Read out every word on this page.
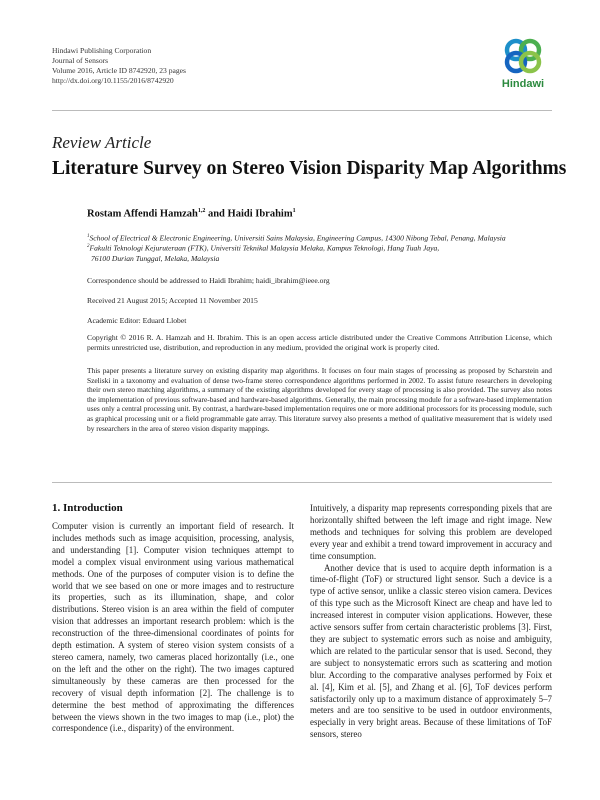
Hindawi Publishing Corporation
Journal of Sensors
Volume 2016, Article ID 8742920, 23 pages
http://dx.doi.org/10.1155/2016/8742920	Hindawi
Review Article
Literature Survey on Stereo Vision Disparity Map Algorithms
Rostam Affendi Hamzah$^{1,2}$ and Haidi Ibrahim$^1$
$^1$School of Electrical & Electronic Engineering, Universiti Sains Malaysia, Engineering Campus, 14300 Nibong Tebal, Penang, Malaysia
$^2$Fakulti Teknologi Kejuruteraan (FTK), Universiti Teknikal Malaysia Melaka, Kampus Teknologi, Hang Tuah Jaya,
76100 Durian Tunggal, Melaka, Malaysia
Correspondence should be addressed to Haidi Ibrahim; haidi_ibrahim@ieee.org
Received 21 August 2015; Accepted 11 November 2015
Academic Editor: Eduard Llobet
Copyright © 2016 R. A. Hamzah and H. Ibrahim. This is an open access article distributed under the Creative Commons Attribution License, which permits unrestricted use, distribution, and reproduction in any medium, provided the original work is properly cited.
This paper presents a literature survey on existing disparity map algorithms. It focuses on four main stages of processing as proposed by Scharstein and Szeliski in a taxonomy and evaluation of dense two-frame stereo correspondence algorithms performed in 2002. To assist future researchers in developing their own stereo matching algorithms, a summary of the existing algorithms developed for every stage of processing is also provided. The survey also notes the implementation of previous software-based and hardware-based algorithms. Generally, the main processing module for a software-based implementation uses only a central processing unit. By contrast, a hardware-based implementation requires one or more additional processors for its processing module, such as graphical processing unit or a field programmable gate array. This literature survey also presents a method of qualitative measurement that is widely used by researchers in the area of stereo vision disparity mappings.
1. Introduction

Computer vision is currently an important field of research. It includes methods such as image acquisition, processing, analysis, and understanding [1]. Computer vision techniques attempt to model a complex visual environment using various mathematical methods. One of the purposes of computer vision is to define the world that we see based on one or more images and to restructure its properties, such as its illumination, shape, and color distributions. Stereo vision is an area within the field of computer vision that addresses an important research problem: which is the reconstruction of the three-dimensional coordinates of points for depth estimation. A system of stereo vision system consists of a stereo camera, namely, two cameras placed horizontally (i.e., one on the left and the other on the right). The two images captured simultaneously by these cameras are then processed for the recovery of visual depth information [2]. The challenge is to determine the best method of approximating the differences between the views shown in the two images to map (i.e., plot) the correspondence (i.e., disparity) of the environment.

Intuitively, a disparity map represents corresponding pixels that are horizontally shifted between the left image and right image. New methods and techniques for solving this problem are developed every year and exhibit a trend toward improvement in accuracy and time consumption.

Another device that is used to acquire depth information is a time-of-flight (ToF) or structured light sensor. Such a device is a type of active sensor, unlike a classic stereo vision camera. Devices of this type such as the Microsoft Kinect are cheap and have led to increased interest in computer vision applications. However, these active sensors suffer from certain characteristic problems [3]. First, they are subject to systematic errors such as noise and ambiguity, which are related to the particular sensor that is used. Second, they are subject to nonsystematic errors such as scattering and motion blur. According to the comparative analyses performed by Foix et al. [4], Kim et al. [5], and Zhang et al. [6], ToF devices perform satisfactorily only up to a maximum distance of approximately 5–7 meters and are too sensitive to be used in outdoor environments, especially in very bright areas. Because of these limitations of ToF sensors, stereo
